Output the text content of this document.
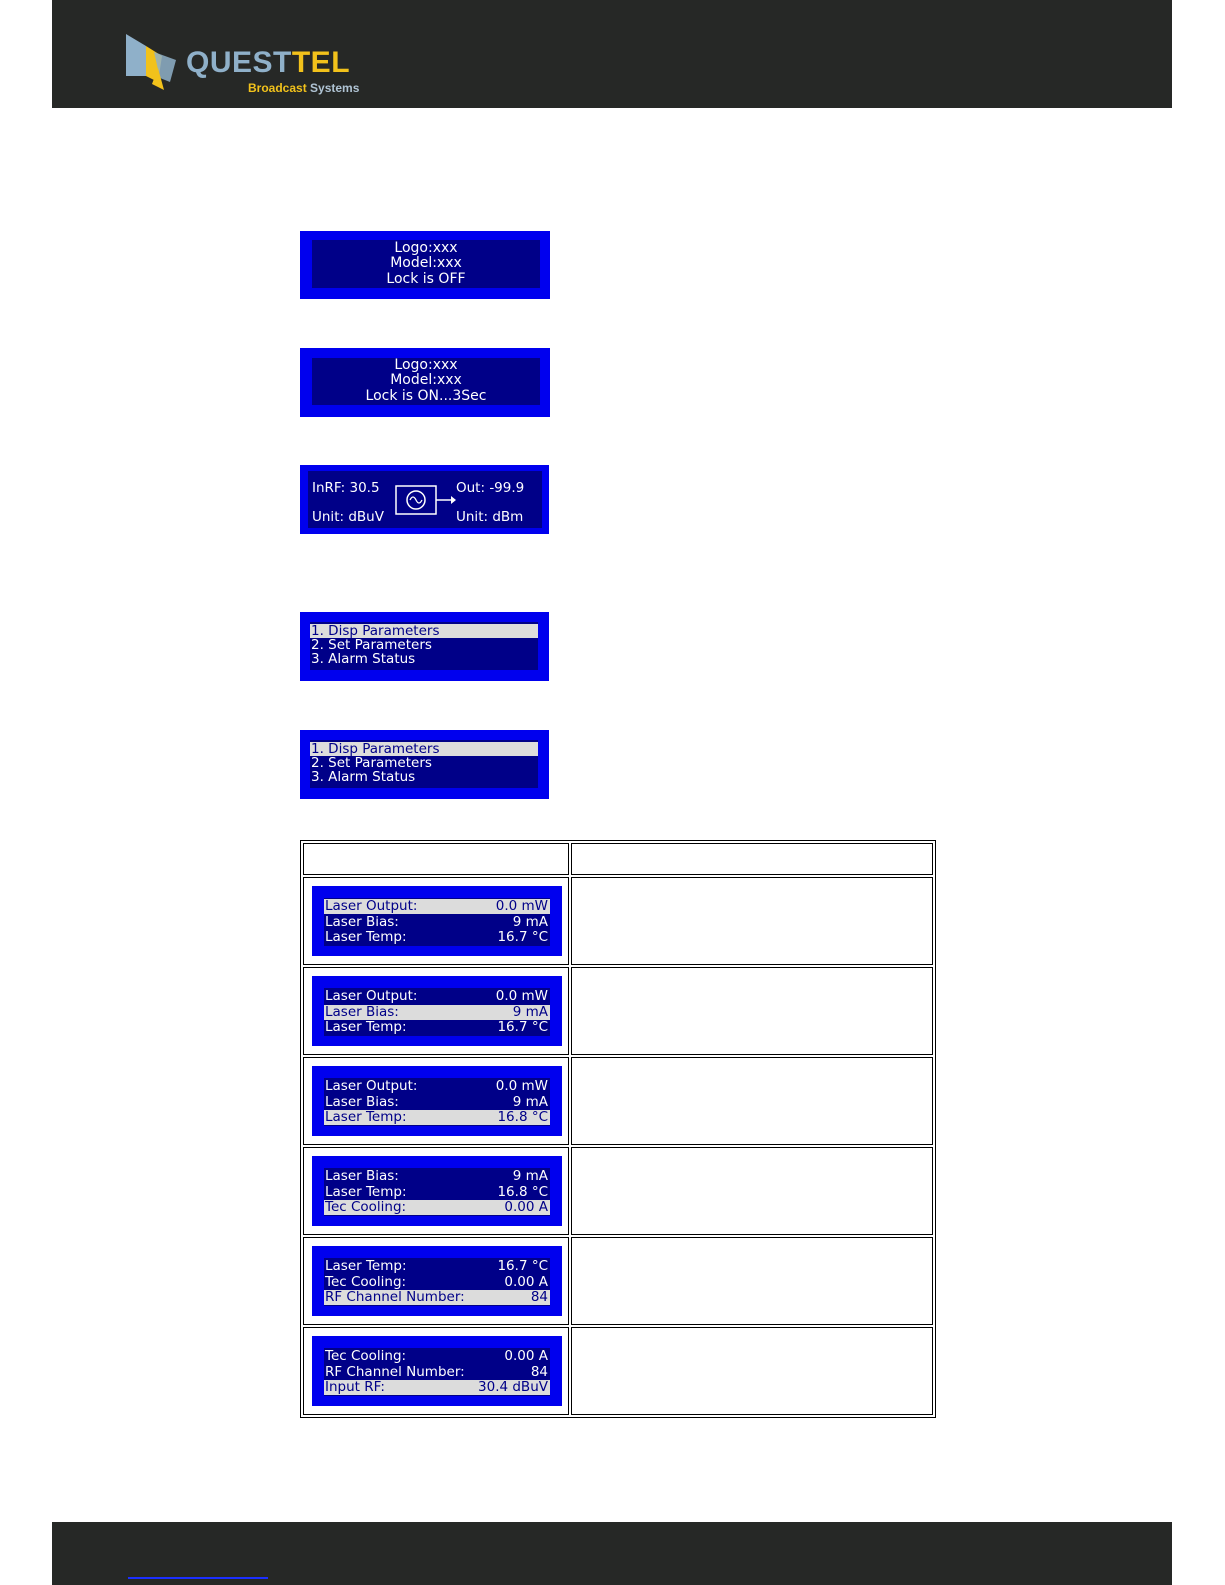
QUESTTEL
Broadcast Systems
Logo:xxx
Model:xxx
Lock is OFF
Logo:xxx
Model:xxx
Lock is ON...3Sec
InRF: 30.5
Unit: dBuV
Out: -99.9
Unit: dBm
1. Disp Parameters
2. Set Parameters
3. Alarm Status
1. Disp Parameters
2. Set Parameters
3. Alarm Status
Laser Output:	0.0 mW
Laser Bias:	9 mA
Laser Temp:	16.7 °C
Laser Output:	0.0 mW
Laser Bias:	9 mA
Laser Temp:	16.7 °C
Laser Output:	0.0 mW
Laser Bias:	9 mA
Laser Temp:	16.8 °C
Laser Bias:	9 mA
Laser Temp:	16.8 °C
Tec Cooling:	0.00 A
Laser Temp:	16.7 °C
Tec Cooling:	0.00 A
RF Channel Number:	84
Tec Cooling:	0.00 A
RF Channel Number:	84
Input RF:	30.4 dBuV
